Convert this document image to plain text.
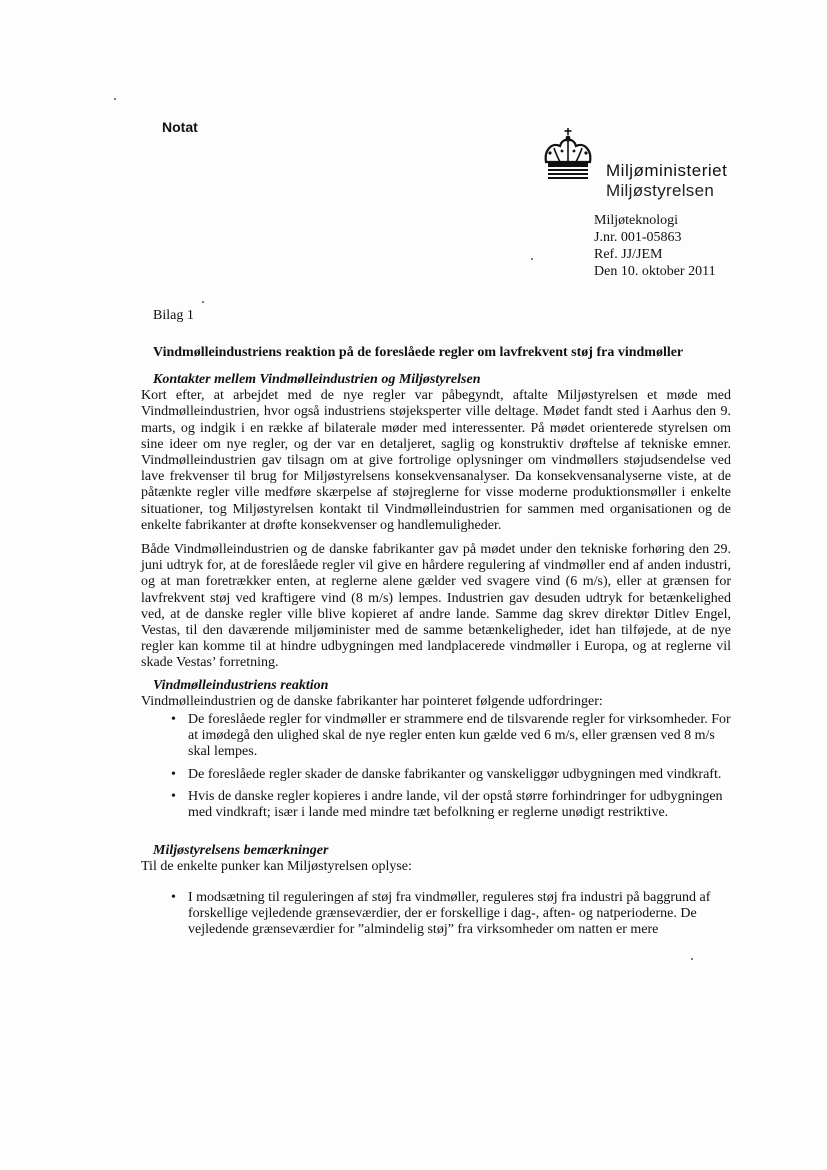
Notat
Miljøministeriet
Miljøstyrelsen
Miljøteknologi
J.nr. 001-05863
Ref. JJ/JEM
Den 10. oktober 2011
Bilag 1
Vindmølleindustriens reaktion på de foreslåede regler om lavfrekvent støj fra vindmøller
Kontakter mellem Vindmølleindustrien og Miljøstyrelsen

Kort efter, at arbejdet med de nye regler var påbegyndt, aftalte Miljøstyrelsen et møde med Vindmølleindustrien, hvor også industriens støjeksperter ville deltage. Mødet fandt sted i Aarhus den 9. marts, og indgik i en række af bilaterale møder med interessenter. På mødet orienterede styrelsen om sine ideer om nye regler, og der var en detaljeret, saglig og konstruktiv drøftelse af tekniske emner. Vindmølleindustrien gav tilsagn om at give fortrolige oplysninger om vindmøllers støjudsendelse ved lave frekvenser til brug for Miljøstyrelsens konsekvensanalyser. Da konsekvensanalyserne viste, at de påtænkte regler ville medføre skærpelse af støjreglerne for visse moderne produktionsmøller i enkelte situationer, tog Miljøstyrelsen kontakt til Vindmølleindustrien for sammen med organisationen og de enkelte fabrikanter at drøfte konsekvenser og handlemuligheder.

Både Vindmølleindustrien og de danske fabrikanter gav på mødet under den tekniske forhøring den 29. juni udtryk for, at de foreslåede regler vil give en hårdere regulering af vindmøller end af anden industri, og at man foretrækker enten, at reglerne alene gælder ved svagere vind (6 m/s), eller at grænsen for lavfrekvent støj ved kraftigere vind (8 m/s) lempes. Industrien gav desuden udtryk for betænkelighed ved, at de danske regler ville blive kopieret af andre lande. Samme dag skrev direktør Ditlev Engel, Vestas, til den daværende miljøminister med de samme betænkeligheder, idet han tilføjede, at de nye regler kan komme til at hindre udbygningen med landplacerede vindmøller i Europa, og at reglerne vil skade Vestas’ forretning.

Vindmølleindustriens reaktion

Vindmølleindustrien og de danske fabrikanter har pointeret følgende udfordringer:

• De foreslåede regler for vindmøller er strammere end de tilsvarende regler for virksomheder. For at imødegå den ulighed skal de nye regler enten kun gælde ved 6 m/s, eller grænsen ved 8 m/s skal lempes.
• De foreslåede regler skader de danske fabrikanter og vanskeliggør udbygningen med vindkraft.
• Hvis de danske regler kopieres i andre lande, vil der opstå større forhindringer for udbygningen med vindkraft; især i lande med mindre tæt befolkning er reglerne unødigt restriktive.
Miljøstyrelsens bemærkninger

Til de enkelte punker kan Miljøstyrelsen oplyse:

• I modsætning til reguleringen af støj fra vindmøller, reguleres støj fra industri på baggrund af forskellige vejledende grænseværdier, der er forskellige i dag-, aften- og natperioderne. De vejledende grænseværdier for ”almindelig støj” fra virksomheder om natten er mere
